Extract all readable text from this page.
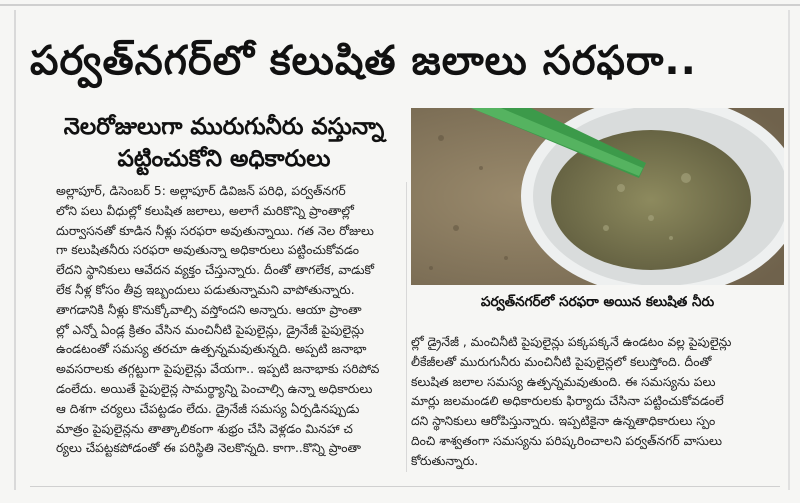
పర్వత్‌నగర్‌లో కలుషిత జలాలు సరఫరా..
నెలరోజులుగా మురుగునీరు వస్తున్నా
పట్టించుకోని అధికారులు
పర్వత్‌నగర్‌లో సరఫరా అయిన కలుషిత నీరు

అల్లాపూర్, డిసెంబర్ 5: అల్లాపూర్ డివిజన్ పరిధి, పర్వత్‌నగర్

లోని పలు వీధుల్లో కలుషిత జలాలు, అలాగే మరికొన్ని ప్రాంతాల్లో

దుర్వాసనతో కూడిన నీళ్లు సరఫరా అవుతున్నాయి. గత నెల రోజులు

గా కలుషితనీరు సరఫరా అవుతున్నా అధికారులు పట్టించుకోవడం

లేదని స్థానికులు ఆవేదన వ్యక్తం చేస్తున్నారు. దీంతో తాగలేక, వాడుకో

లేక నీళ్ల కోసం తీవ్ర ఇబ్బందులు పడుతున్నామని వాపోతున్నారు.

తాగడానికి నీళ్లు కొనుక్కోవాల్సి వస్తోందని అన్నారు. ఆయా ప్రాంతా

ల్లో ఎన్నో ఏండ్ల క్రితం వేసిన మంచినీటి పైపులైన్లు, డ్రైనేజీ పైపులైన్లు

ఉండటంతో సమస్య తరచూ ఉత్పన్నమవుతున్నది. అప్పటి జనాభా

అవసరాలకు తగ్గట్టుగా పైపులైన్లు వేయగా.. ఇప్పటి జనాభాకు సరిపోవ

డంలేదు. అయితే పైపులైన్ల సామర్థ్యాన్ని పెంచాల్సి ఉన్నా అధికారులు

ఆ దిశగా చర్యలు చేపట్టడం లేదు. డ్రైనేజీ సమస్య ఏర్పడినప్పుడు

మాత్రం పైపులైన్లను తాత్కాలికంగా శుభ్రం చేసి వెళ్లడం మినహా చ

ర్యలు చేపట్టకపోడంతో ఈ పరిస్థితి నెలకొన్నది. కాగా..కొన్ని ప్రాంతా

ల్లో డ్రైనేజీ , మంచినీటి పైపులైన్లు పక్కపక్కనే ఉండటం వల్ల పైపులైన్లు

లీకేజీలతో మురుగునీరు మంచినీటి పైపులైన్లలో కలుస్తోంది. దీంతో

కలుషిత జలాల సమస్య ఉత్పన్నమవుతుంది. ఈ సమస్యను పలు

మార్లు జలమండలి అధికారులకు ఫిర్యాదు చేసినా పట్టించుకోవడంలే

దని స్థానికులు ఆరోపిస్తున్నారు. ఇప్పటికైనా ఉన్నతాధికారులు స్పం

దించి శాశ్వతంగా సమస్యను పరిష్కరించాలని పర్వత్‌నగర్ వాసులు

కోరుతున్నారు.
